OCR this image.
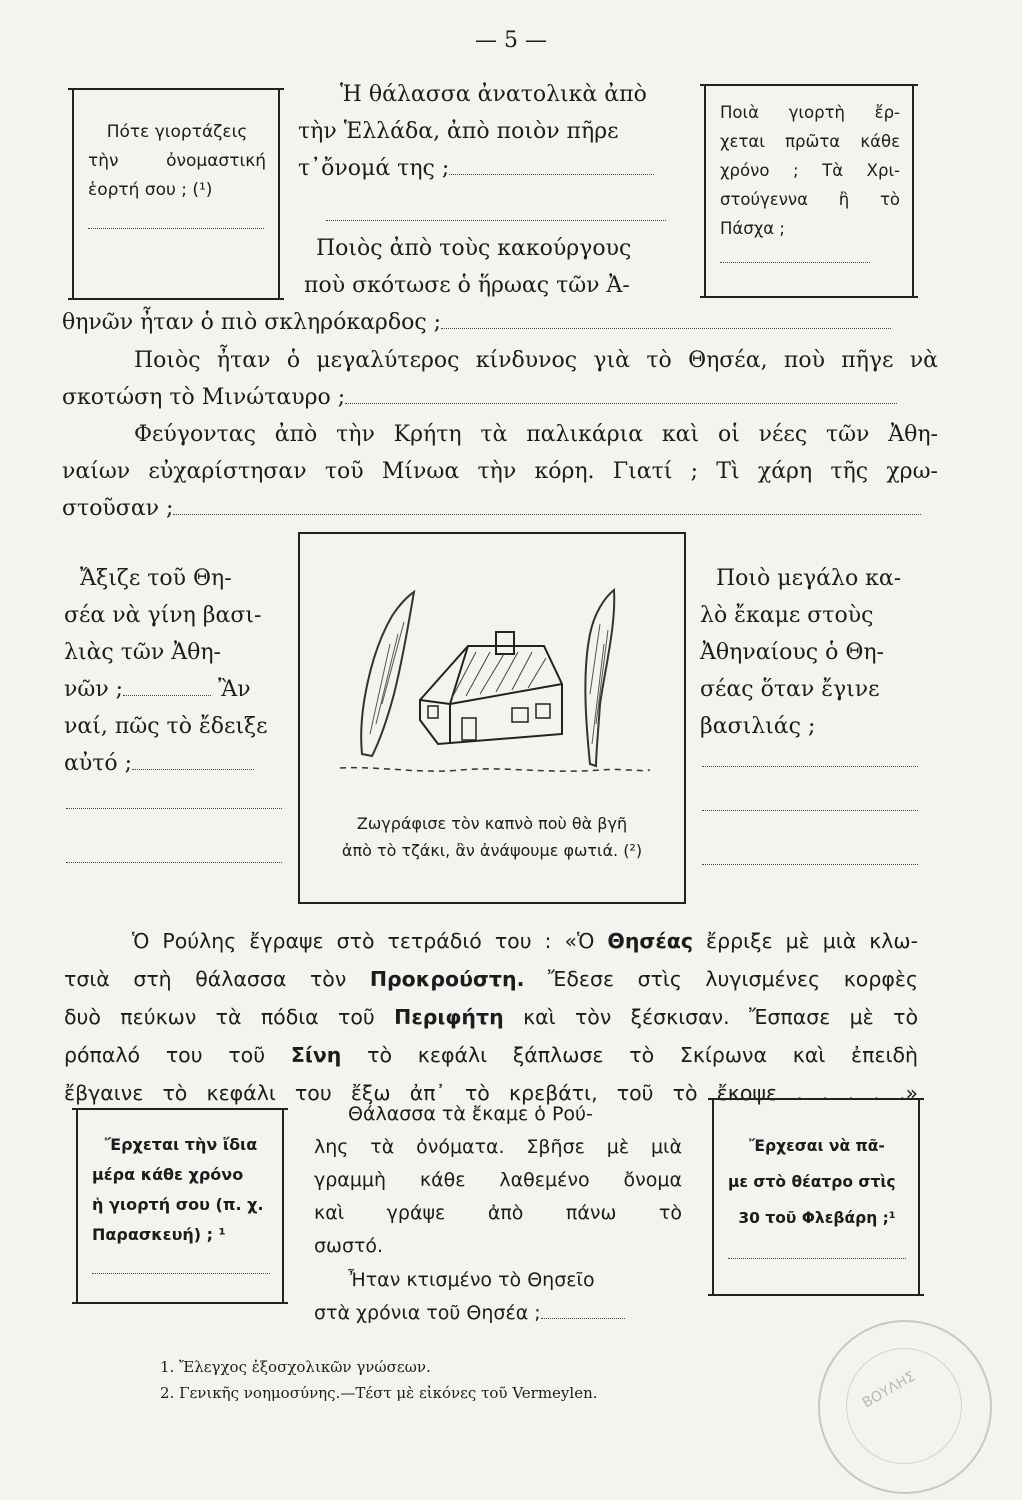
— 5 —
Πότε γιορτάζεις
τὴν ὀνομαστική
ἑορτή σου ; (¹)
Ποιὰ γιορτὴ ἔρ-
χεται πρῶτα κάθε
χρόνο ; Τὰ Χρι-
στούγεννα ἢ τὸ
Πάσχα ;
Ἡ θάλασσα ἀνατολικὰ ἀπὸ
τὴν Ἑλλάδα, ἀπὸ ποιὸν πῆρε
τ᾽ὄνομά της ;
Ποιὸς ἀπὸ τοὺς κακούργους
ποὺ σκότωσε ὁ ἥρωας τῶν Ἀ-
θηνῶν ἦταν ὁ πιὸ σκληρόκαρδος ;
Ποιὸς ἦταν ὁ μεγαλύτερος κίνδυνος γιὰ τὸ Θησέα, ποὺ πῆγε νὰ
σκοτώση τὸ Μινώταυρο ;
Φεύγοντας ἀπὸ τὴν Κρήτη τὰ παλικάρια καὶ οἱ νέες τῶν Ἀθη-
ναίων εὐχαρίστησαν τοῦ Μίνωα τὴν κόρη. Γιατί ; Τὶ χάρη τῆς χρω-
στοῦσαν ;
Ἄξιζε τοῦ Θη-
σέα νὰ γίνη βασι-
λιὰς τῶν Ἀθη-
νῶν ;	Ἂν
ναί, πῶς τὸ ἔδειξε
αὐτό ;
Ζωγράφισε τὸν καπνὸ ποὺ θὰ βγῆ
ἀπὸ τὸ τζάκι, ἂν ἀνάψουμε φωτιά. (²)
Ποιὸ μεγάλο κα-
λὸ ἔκαμε στοὺς
Ἀθηναίους ὁ Θη-
σέας ὅταν ἔγινε
βασιλιάς ;
Ὁ Ρούλης ἔγραψε στὸ τετράδιό του : «Ὁ Θησέας ἔρριξε μὲ μιὰ κλω-
τσιὰ στὴ θάλασσα τὸν Προκρούστη. Ἔδεσε στὶς λυγισμένες κορφὲς
δυὸ πεύκων τὰ πόδια τοῦ Περιφήτη καὶ τὸν ξέσκισαν. Ἔσπασε μὲ τὸ
ρόπαλό του τοῦ Σίνη τὸ κεφάλι ξάπλωσε τὸ Σκίρωνα καὶ ἐπειδὴ
ἔβγαινε τὸ κεφάλι του ἔξω ἀπ᾽ τὸ κρεβάτι, τοῦ τὸ ἔκοψε . . . . .»
Ἔρχεται τὴν ἴδια
μέρα κάθε χρόνο
ἡ γιορτή σου (π. χ.
Παρασκευή) ; ¹
Ἔρχεσαι νὰ πᾶ-
με στὸ θέατρο στὶς
30 τοῦ Φλεβάρη ;¹
Θάλασσα τὰ ἔκαμε ὁ Ρού-
λης τὰ ὀνόματα. Σβῆσε μὲ μιὰ
γραμμὴ κάθε λαθεμένο ὄνομα
καὶ γράψε ἀπὸ πάνω τὸ
σωστό.
Ἦταν κτισμένο τὸ Θησεῖο
στὰ χρόνια τοῦ Θησέα ;
1. Ἔλεγχος ἐξοσχολικῶν γνώσεων.
2. Γενικῆς νοημοσύνης.—Τέστ μὲ εἰκόνες τοῦ Vermeylen.	ΒΟΥΛΗΣ
